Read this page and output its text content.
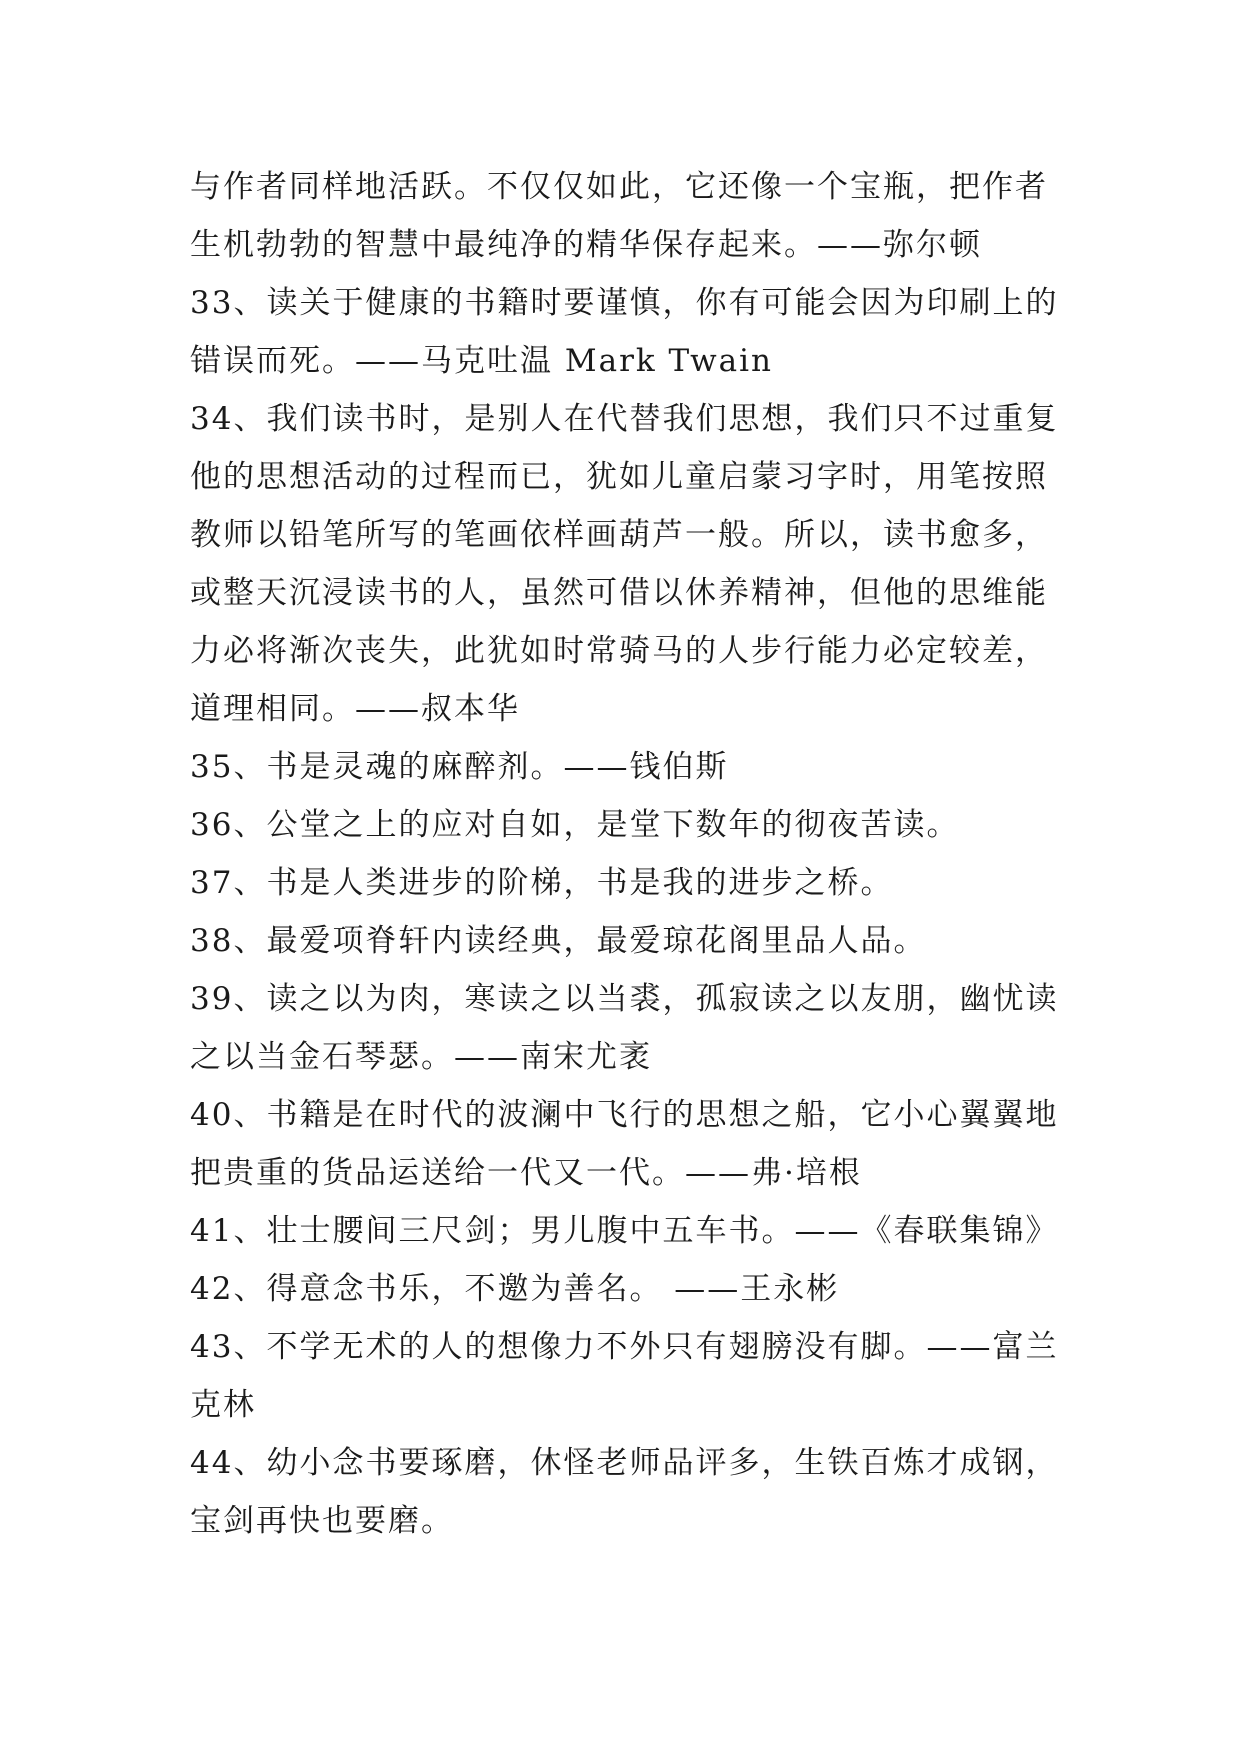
与作者同样地活跃。不仅仅如此，它还像一个宝瓶，把作者
生机勃勃的智慧中最纯净的精华保存起来。——弥尔顿
33、读关于健康的书籍时要谨慎，你有可能会因为印刷上的
错误而死。——马克吐温 Mark Twain
34、我们读书时，是别人在代替我们思想，我们只不过重复
他的思想活动的过程而已，犹如儿童启蒙习字时，用笔按照
教师以铅笔所写的笔画依样画葫芦一般。所以，读书愈多，
或整天沉浸读书的人，虽然可借以休养精神，但他的思维能
力必将渐次丧失，此犹如时常骑马的人步行能力必定较差，
道理相同。——叔本华
35、书是灵魂的麻醉剂。——钱伯斯
36、公堂之上的应对自如，是堂下数年的彻夜苦读。
37、书是人类进步的阶梯，书是我的进步之桥。
38、最爱项脊轩内读经典，最爱琼花阁里品人品。
39、读之以为肉，寒读之以当裘，孤寂读之以友朋，幽忧读
之以当金石琴瑟。——南宋尤袤
40、书籍是在时代的波澜中飞行的思想之船，它小心翼翼地
把贵重的货品运送给一代又一代。——弗·培根
41、壮士腰间三尺剑；男儿腹中五车书。——《春联集锦》
42、得意念书乐，不邀为善名。 ——王永彬
43、不学无术的人的想像力不外只有翅膀没有脚。——富兰
克林
44、幼小念书要琢磨，休怪老师品评多，生铁百炼才成钢，
宝剑再快也要磨。
